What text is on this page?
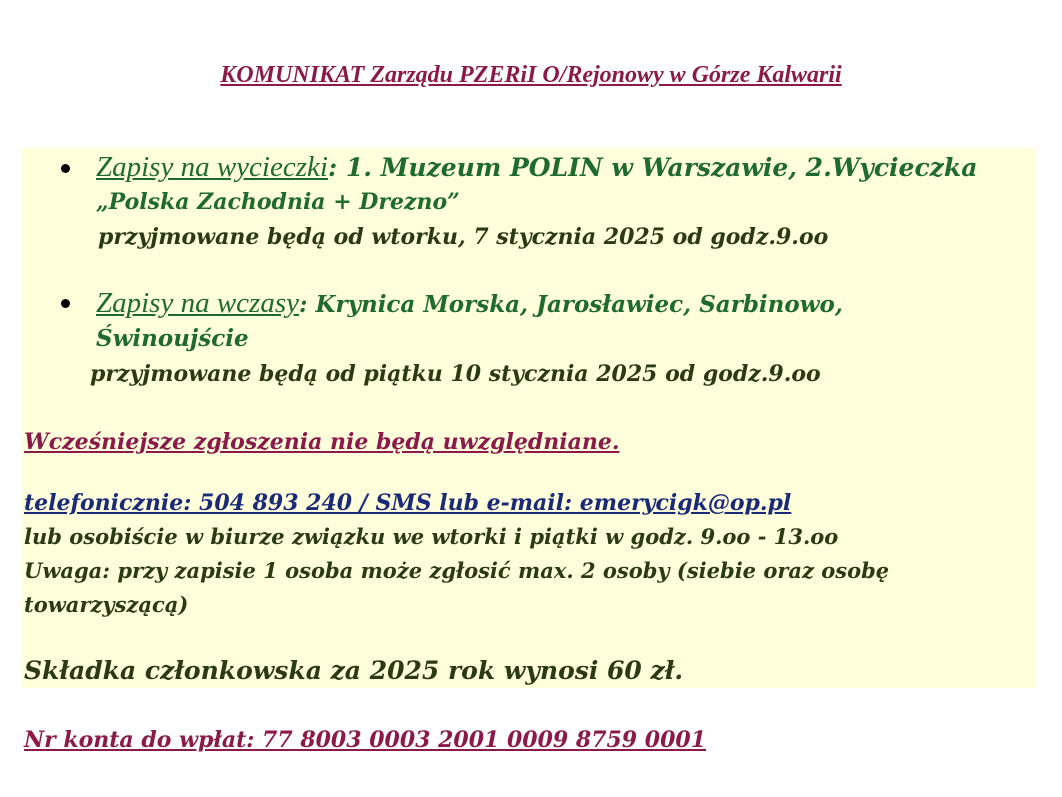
KOMUNIKAT Zarządu PZERiI O/Rejonowy w Górze Kalwarii
Zapisy na wycieczki: 1. Muzeum POLIN w Warszawie, 2.Wycieczka
„Polska Zachodnia + Drezno”
przyjmowane będą od wtorku, 7 stycznia 2025 od godz.9.oo
Zapisy na wczasy: Krynica Morska, Jarosławiec, Sarbinowo,
Świnoujście
przyjmowane będą od piątku 10 stycznia 2025 od godz.9.oo
Wcześniejsze zgłoszenia nie będą uwzględniane.
telefonicznie: 504 893 240 / SMS lub e-mail: emerycigk@op.pl
lub osobiście w biurze związku we wtorki i piątki w godz. 9.oo - 13.oo
Uwaga: przy zapisie 1 osoba może zgłosić max. 2 osoby (siebie oraz osobę
towarzyszącą)
Składka członkowska za 2025 rok wynosi 60 zł.
Nr konta do wpłat: 77 8003 0003 2001 0009 8759 0001
